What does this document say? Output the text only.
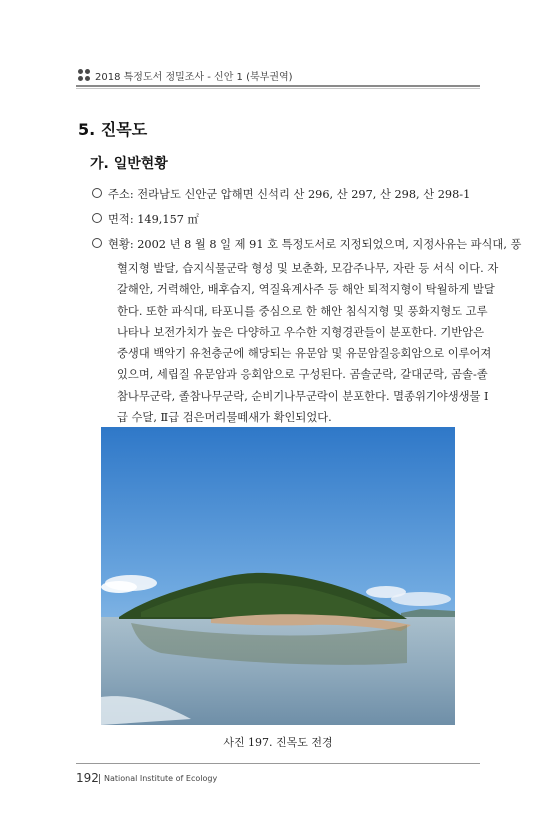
2018 특정도서 정밀조사 - 신안 1 (북부권역)
5. 진목도
가. 일반현황
주소: 전라남도 신안군 압해면 신석리 산 296, 산 297, 산 298, 산 298-1
면적: 149,157 ㎡
현황: 2002 년 8 월 8 일 제 91 호 특정도서로 지정되었으며, 지정사유는 파식대, 풍
혈지형 발달, 습지식물군락 형성 및 보춘화, 모감주나무, 자란 등 서식 이다. 자
갈해안, 거력해안, 배후습지, 역질육계사주 등 해안 퇴적지형이 탁월하게 발달
한다. 또한 파식대, 타포니를 중심으로 한 해안 침식지형 및 풍화지형도 고루
나타나 보전가치가 높은 다양하고 우수한 지형경관들이 분포한다. 기반암은
중생대 백악기 유천층군에 해당되는 유문암 및 유문암질응회암으로 이루어져
있으며, 세립질 유문암과 응회암으로 구성된다. 곰솔군락, 갈대군락, 곰솔-졸
참나무군락, 졸참나무군락, 순비기나무군락이 분포한다. 멸종위기야생생물 Ⅰ
급 수달, Ⅱ급 검은머리물떼새가 확인되었다.
사진 197. 진목도 전경
192 National Institute of Ecology
